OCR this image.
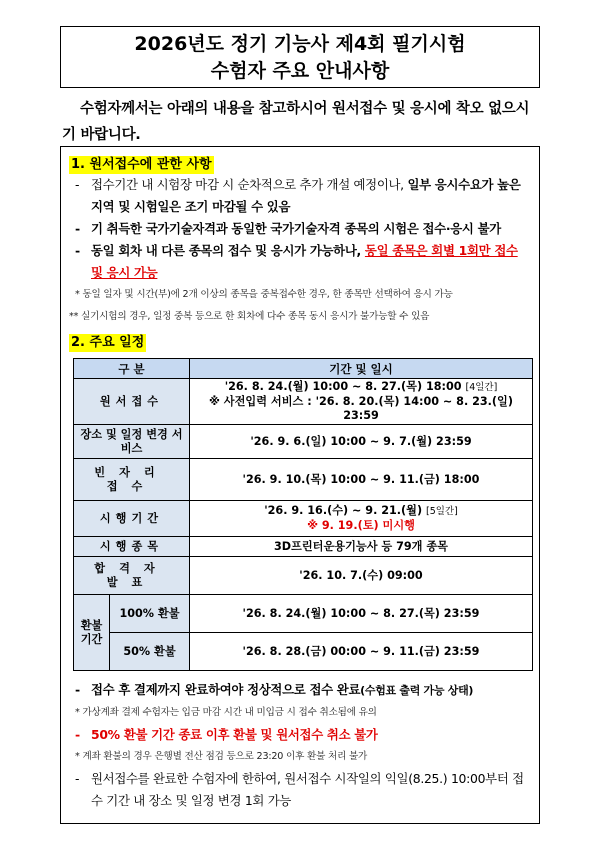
2026년도 정기 기능사 제4회 필기시험
수험자 주요 안내사항
수험자께서는 아래의 내용을 참고하시어 원서접수 및 응시에 착오 없으시기 바랍니다.
1. 원서접수에 관한 사항
- 접수기간 내 시험장 마감 시 순차적으로 추가 개설 예정이나, 일부 응시수요가 높은 지역 및 시험일은 조기 마감될 수 있음
- 기 취득한 국가기술자격과 동일한 국가기술자격 종목의 시험은 접수·응시 불가
- 동일 회차 내 다른 종목의 접수 및 응시가 가능하나, 동일 종목은 회별 1회만 접수 및 응시 가능
* 동일 일자 및 시간(부)에 2개 이상의 종목을 중복접수한 경우, 한 종목만 선택하여 응시 가능
** 실기시험의 경우, 일정 중복 등으로 한 회차에 다수 종목 동시 응시가 불가능할 수 있음
2. 주요 일정
구 분		기간 및 일시
원서접수		'26. 8. 24.(월) 10:00 ~ 8. 27.(목) 18:00 [4일간]
※ 사전입력 서비스 : '26. 8. 20.(목) 14:00 ~ 8. 23.(일) 23:59

장소 및 일정 변경 서비스		'26. 9. 6.(일) 10:00 ~ 9. 7.(월) 23:59
빈자리 접수		'26. 9. 10.(목) 10:00 ~ 9. 11.(금) 18:00
시행기간		'26. 9. 16.(수) ~ 9. 21.(월) [5일간]
※ 9. 19.(토) 미시행

시행종목		3D프린터운용기능사 등 79개 종목
합격자 발표		'26. 10. 7.(수) 09:00
환불 기간	100% 환불	'26. 8. 24.(월) 10:00 ~ 8. 27.(목) 23:59
	50% 환불	'26. 8. 28.(금) 00:00 ~ 9. 11.(금) 23:59
- 접수 후 결제까지 완료하여야 정상적으로 접수 완료(수험표 출력 가능 상태)
* 가상계좌 결제 수험자는 입금 마감 시간 내 미입금 시 접수 취소됨에 유의
- 50% 환불 기간 종료 이후 환불 및 원서접수 취소 불가
* 계좌 환불의 경우 은행별 전산 점검 등으로 23:20 이후 환불 처리 불가
- 원서접수를 완료한 수험자에 한하여, 원서접수 시작일의 익일(8.25.) 10:00부터 접수 기간 내 장소 및 일정 변경 1회 가능
